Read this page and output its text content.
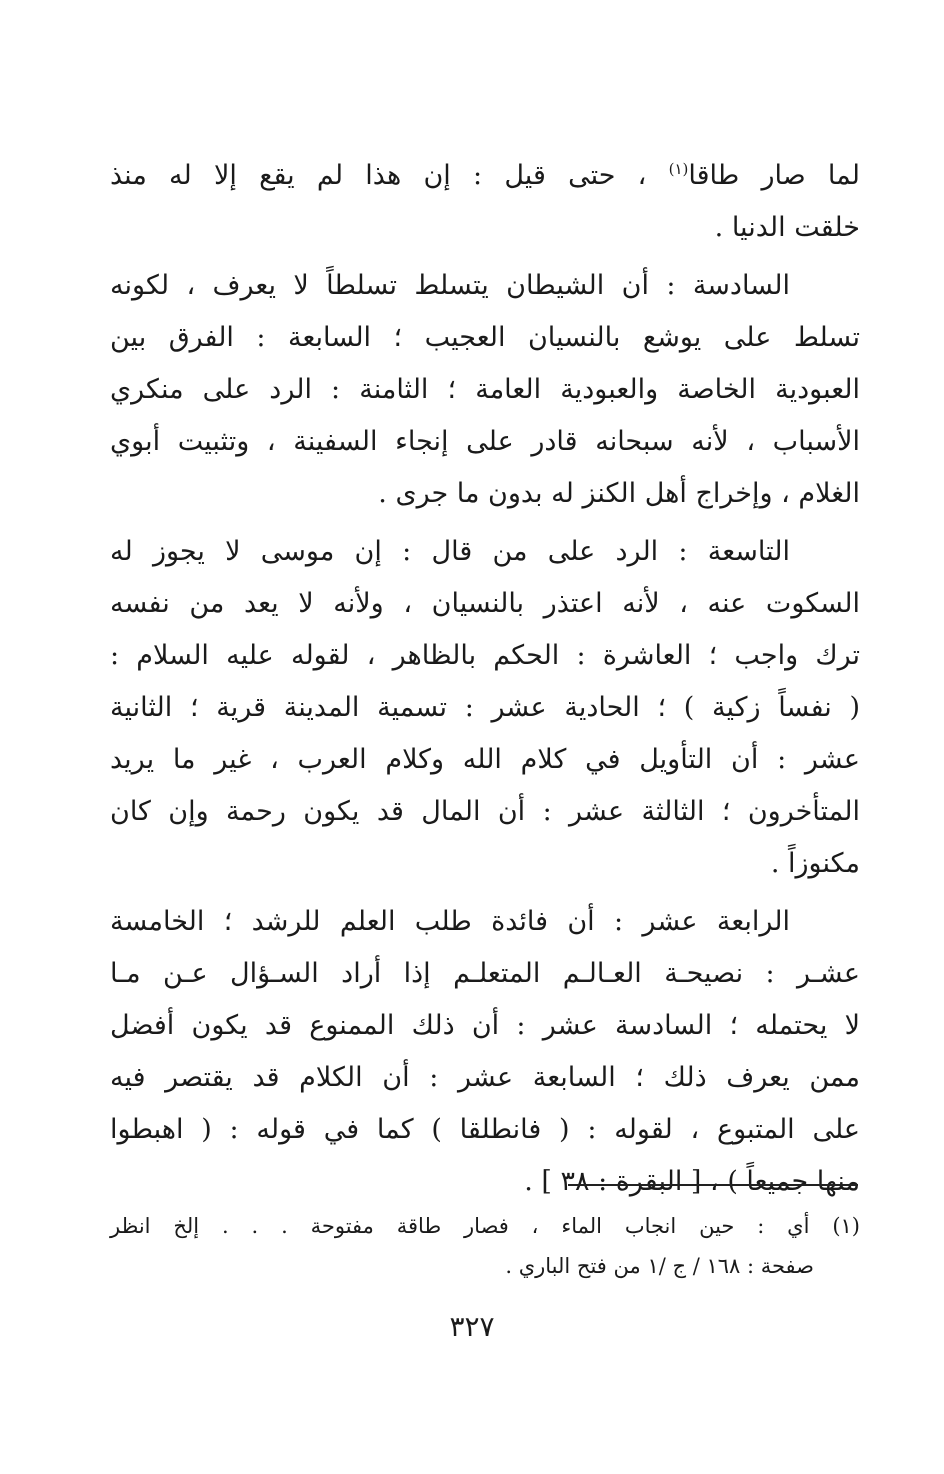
لما صار طاقا$^{(١)}$ ، حتى قيل : إن هذا لم يقع إلا له منذ
خلقت الدنيا .

السادسة : أن الشيطان يتسلط تسلطاً لا يعرف ، لكونه
تسلط على يوشع بالنسيان العجيب ؛ السابعة : الفرق بين
العبودية الخاصة والعبودية العامة ؛ الثامنة : الرد على منكري
الأسباب ، لأنه سبحانه قادر على إنجاء السفينة ، وتثبيت أبوي
الغلام ، وإخراج أهل الكنز له بدون ما جرى .

التاسعة : الرد على من قال : إن موسى لا يجوز له
السكوت عنه ، لأنه اعتذر بالنسيان ، ولأنه لا يعد من نفسه
ترك واجب ؛ العاشرة : الحكم بالظاهر ، لقوله عليه السلام :
( نفساً زكية ) ؛ الحادية عشر : تسمية المدينة قرية ؛ الثانية
عشر : أن التأويل في كلام الله وكلام العرب ، غير ما يريد
المتأخرون ؛ الثالثة عشر : أن المال قد يكون رحمة وإن كان
مكنوزاً .

الرابعة عشر : أن فائدة طلب العلم للرشد ؛ الخامسة
عشـر : نصيحـة العـالـم المتعلـم إذا أراد السـؤال عـن مـا
لا يحتمله ؛ السادسة عشر : أن ذلك الممنوع قد يكون أفضل
ممن يعرف ذلك ؛ السابعة عشر : أن الكلام قد يقتصر فيه
على المتبوع ، لقوله : ( فانطلقا ) كما في قوله : ( اهبطوا
منها جميعاً ) ، [ البقرة : ٣٨ ] .

(١) أي : حين انجاب الماء ، فصار طاقة مفتوحة . . . إلخ انظر
صفحة : ١٦٨ / ج /١ من فتح الباري .
٣٢٧
